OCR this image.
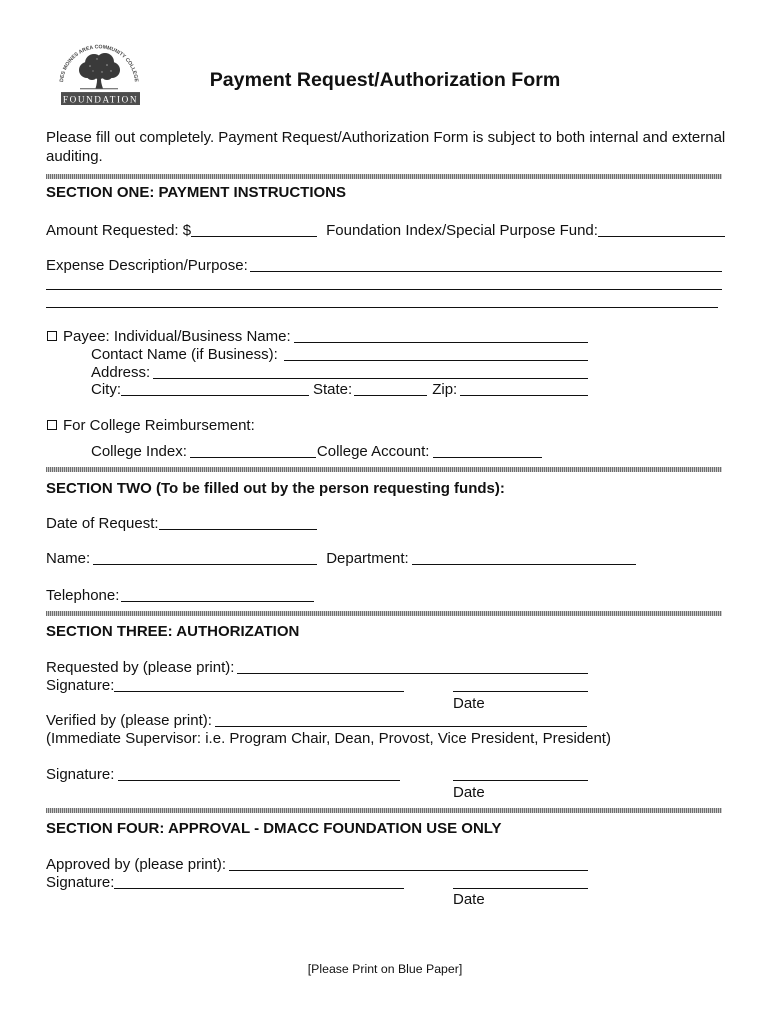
DES MOINES AREA COMMUNITY COLLEGE
FOUNDATION
Payment Request/Authorization Form
Please fill out completely. Payment Request/Authorization Form is subject to both internal and external auditing.
SECTION ONE: PAYMENT INSTRUCTIONS
Amount Requested: $	Foundation Index/Special Purpose Fund:
Expense Description/Purpose:
Payee: Individual/Business Name:
Contact Name (if Business):
Address:
City:	State:	Zip:
For College Reimbursement:
College Index:	College Account:
SECTION TWO (To be filled out by the person requesting funds):
Date of Request:
Name:	Department:
Telephone:
SECTION THREE: AUTHORIZATION
Requested by (please print):
Signature:
Date
Verified by (please print):
(Immediate Supervisor: i.e. Program Chair, Dean, Provost, Vice President, President)
Signature:
Date
SECTION FOUR: APPROVAL - DMACC FOUNDATION USE ONLY
Approved by (please print):
Signature:
Date
[Please Print on Blue Paper]
